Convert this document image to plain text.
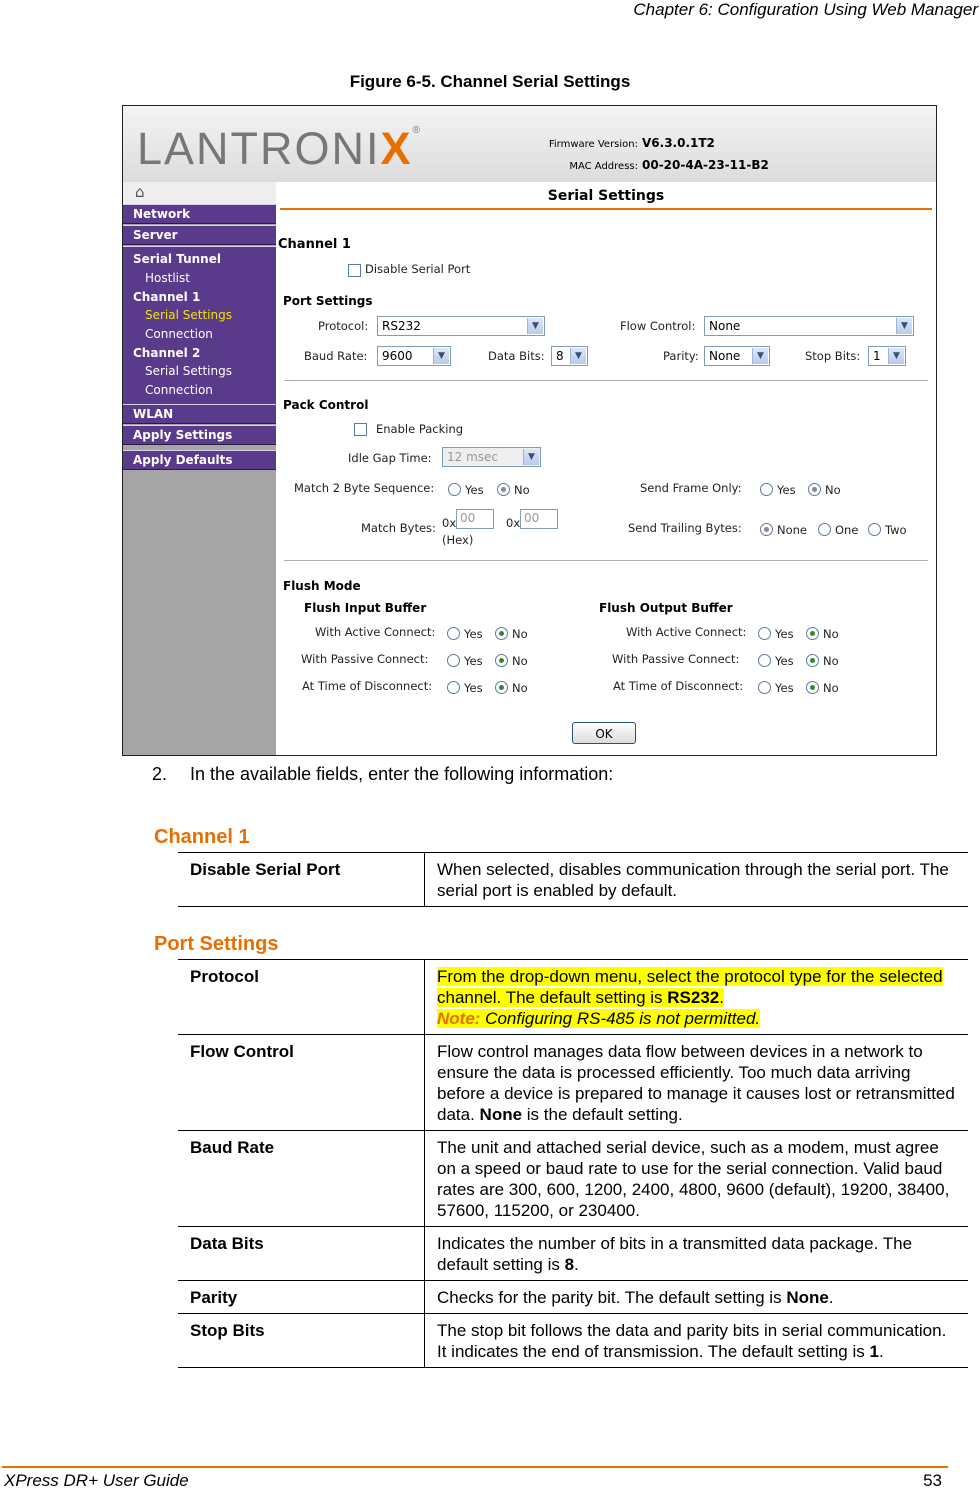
Chapter 6: Configuration Using Web Manager
Figure 6-5. Channel Serial Settings
LANTRONIX®
Firmware Version: V6.3.0.1T2
MAC Address: 00-20-4A-23-11-B2
⌂
Network
Server
Serial Tunnel
Hostlist
Channel 1
Serial Settings
Connection
Channel 2
Serial Settings
Connection
WLAN
Apply Settings
Apply Defaults
Serial Settings
Channel 1
Disable Serial Port
Port Settings
Protocol:	RS232	▼	Flow Control:	None	▼
Baud Rate:	9600	▼	Data Bits: 8	▼	Parity: None	▼	Stop Bits:	1	▼
Pack Control
Enable Packing
Idle Gap Time:	12 msec	▼
Match 2 Byte Sequence:	Yes	No	Send Frame Only:	Yes	No
Match Bytes: 0x 00
(Hex)
0x 00
Send Trailing Bytes:	None One Two
Flush Mode
Flush Input Buffer	Flush Output Buffer
With Active Connect: Yes	No
With Passive Connect:	Yes	No
At Time of Disconnect:	Yes	No
With Active Connect: Yes	No
With Passive Connect:	Yes	No
At Time of Disconnect:	Yes	No
OK
2. In the available fields, enter the following information:
Channel 1
Disable Serial Port	When selected, disables communication through the serial port. The serial port is enabled by default.
Port Settings
Protocol	From the drop-down menu, select the protocol type for the selected channel. The default setting is RS232.
Note: Configuring RS-485 is not permitted.
Flow Control	Flow control manages data flow between devices in a network to ensure the data is processed efficiently. Too much data arriving before a device is prepared to manage it causes lost or retransmitted data. None is the default setting.
Baud Rate	The unit and attached serial device, such as a modem, must agree on a speed or baud rate to use for the serial connection. Valid baud rates are 300, 600, 1200, 2400, 4800, 9600 (default), 19200, 38400, 57600, 115200, or 230400.
Data Bits	Indicates the number of bits in a transmitted data package. The default setting is 8.
Parity	Checks for the parity bit. The default setting is None.
Stop Bits	The stop bit follows the data and parity bits in serial communication. It indicates the end of transmission. The default setting is 1.
XPress DR+ User Guide	53
